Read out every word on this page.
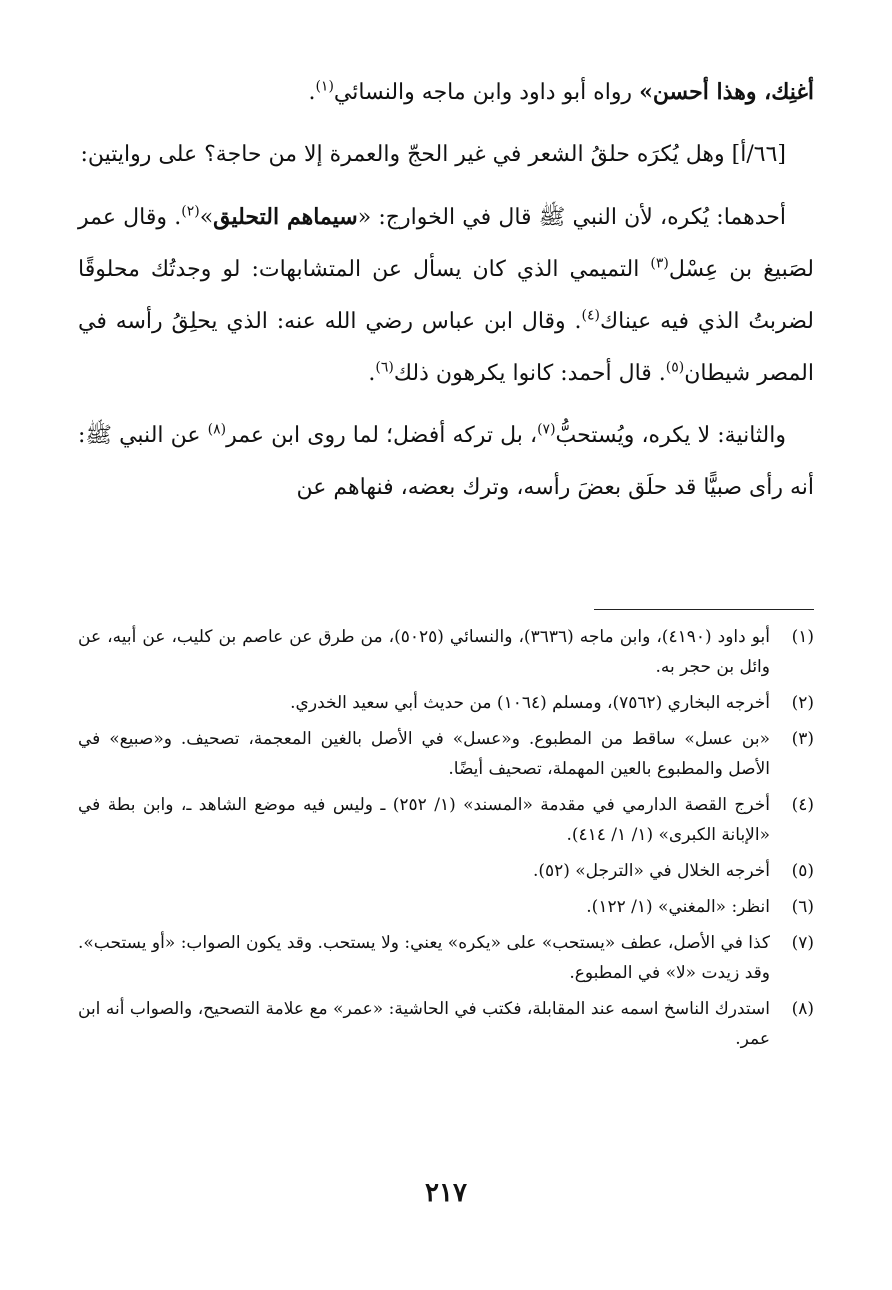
أغنِك، وهذا أحسن» رواه أبو داود وابن ماجه والنسائي$^{(١)}$.

[٦٦/أ] وهل يُكرَه حلقُ الشعر في غير الحجّ والعمرة إلا من حاجة؟ على روايتين:

أحدهما: يُكره، لأن النبي ﷺ قال في الخوارج: «سيماهم التحليق»$^{(٢)}$. وقال عمر لصَبيغ بن عِسْل$^{(٣)}$ التميمي الذي كان يسأل عن المتشابهات: لو وجدتُك محلوقًا لضربتُ الذي فيه عيناك$^{(٤)}$. وقال ابن عباس رضي الله عنه: الذي يحلِقُ رأسه في المصر شيطان$^{(٥)}$. قال أحمد: كانوا يكرهون ذلك$^{(٦)}$.

والثانية: لا يكره، ويُستحبُّ$^{(٧)}$، بل تركه أفضل؛ لما روى ابن عمر$^{(٨)}$ عن النبي ﷺ: أنه رأى صبيًّا قد حلَق بعضَ رأسه، وترك بعضه، فنهاهم عن

(١)
أبو داود (٤١٩٠)، وابن ماجه (٣٦٣٦)، والنسائي (٥٠٢٥)، من طرق عن عاصم بن كليب، عن أبيه، عن وائل بن حجر به.
(٢)
أخرجه البخاري (٧٥٦٢)، ومسلم (١٠٦٤) من حديث أبي سعيد الخدري.
(٣)
«بن عسل» ساقط من المطبوع. و«عسل» في الأصل بالغين المعجمة، تصحيف. و«صبيع» في الأصل والمطبوع بالعين المهملة، تصحيف أيضًا.
(٤)
أخرج القصة الدارمي في مقدمة «المسند» (١/ ٢٥٢) ـ وليس فيه موضع الشاهد ـ، وابن بطة في «الإبانة الكبرى» (١/ ١/ ٤١٤).
(٥)
أخرجه الخلال في «الترجل» (٥٢).
(٦)
انظر: «المغني» (١/ ١٢٢).
(٧)
كذا في الأصل، عطف «يستحب» على «يكره» يعني: ولا يستحب. وقد يكون الصواب: «أو يستحب». وقد زيدت «لا» في المطبوع.
(٨)
استدرك الناسخ اسمه عند المقابلة، فكتب في الحاشية: «عمر» مع علامة التصحيح، والصواب أنه ابن عمر.
٢١٧
